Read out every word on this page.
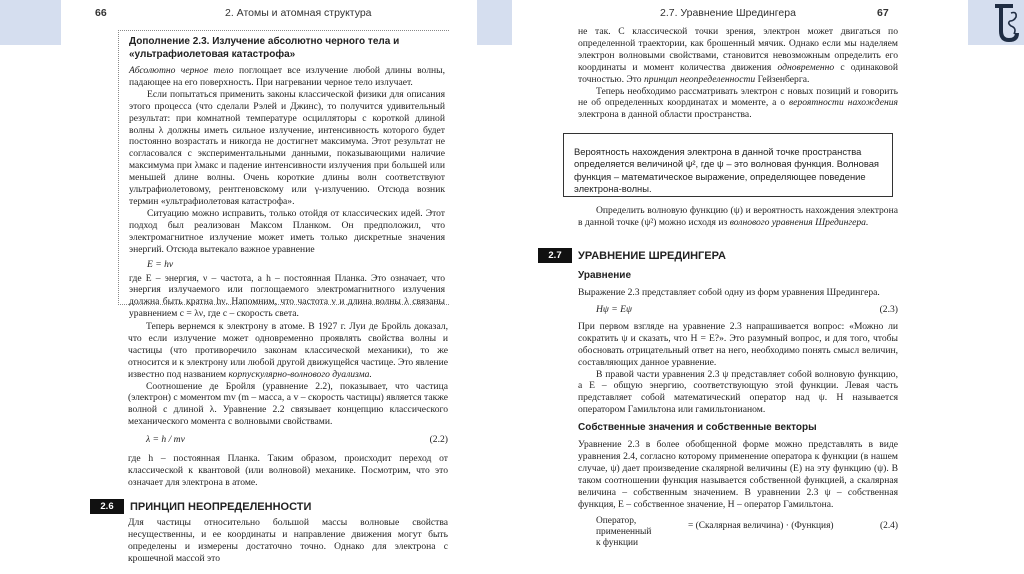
66	2. Атомы и атомная структура
Дополнение 2.3. Излучение абсолютно черного тела и
«ультрафиолетовая катастрофа»

Абсолютно черное тело поглощает все излучение любой длины волны, падающее на его поверхность. При нагревании черное тело излучает.

Если попытаться применить законы классической физики для описания этого процесса (что сделали Рэлей и Джинс), то получится удивительный результат: при комнатной температуре осцилляторы с короткой длиной волны λ должны иметь сильное излучение, интенсивность которого будет постоянно возрастать и никогда не достигнет максимума. Этот результат не согласовался с экспериментальными данными, показывающими наличие максимума при λмакс и падение интенсивности излучения при большей или меньшей длине волны. Очень короткие длины волн соответствуют ультрафиолетовому, рентгеновскому или γ-излучению. Отсюда возник термин «ультрафиолетовая катастрофа».

Ситуацию можно исправить, только отойдя от классических идей. Этот подход был реализован Максом Планком. Он предположил, что электромагнитное излучение может иметь только дискретные значения энергий. Отсюда вытекало важное уравнение

E = hν

где E – энергия, ν – частота, а h – постоянная Планка. Это означает, что энергия излучаемого или поглощаемого электромагнитного излучения должна быть кратна hν. Напомним, что частота ν и длина волны λ связаны уравнением c = λν, где c – скорость света.

Теперь вернемся к электрону в атоме. В 1927 г. Луи де Бройль доказал, что если излучение может одновременно проявлять свойства волны и частицы (что противоречило законам классической механики), то же относится и к электрону или любой другой движущейся частице. Это явление известно под названием корпускулярно-волнового дуализма.

Соотношение де Бройля (уравнение 2.2), показывает, что частица (электрон) с моментом mv (m – масса, а v – скорость частицы) является также волной с длиной λ. Уравнение 2.2 связывает концепцию классического механического момента с волновыми свойствами.

λ = h / mv	(2.2)

где h – постоянная Планка. Таким образом, происходит переход от классической к квантовой (или волновой) механике. Посмотрим, что это означает для электрона в атоме.

2.6	ПРИНЦИП НЕОПРЕДЕЛЕННОСТИ

Для частицы относительно большой массы волновые свойства несущественны, и ее координаты и направление движения могут быть определены и измерены достаточно точно. Однако для электрона с крошечной массой это

2.7. Уравнение Шредингера	67

не так. С классической точки зрения, электрон может двигаться по определенной траектории, как брошенный мячик. Однако если мы наделяем электрон волновыми свойствами, становится невозможным определить его координаты и момент количества движения одновременно с одинаковой точностью. Это принцип неопределенности Гейзенберга.

Теперь необходимо рассматривать электрон с новых позиций и говорить не об определенных координатах и моменте, а о вероятности нахождения электрона в данной области пространства.

Вероятность нахождения электрона в данной точке пространства определяется величиной ψ², где ψ – это волновая функция. Волновая функция – математическое выражение, определяющее поведение электрона-волны.

Определить волновую функцию (ψ) и вероятность нахождения электрона в данной точке (ψ²) можно исходя из волнового уравнения Шредингера.

2.7	УРАВНЕНИЕ ШРЕДИНГЕРА
Уравнение

Выражение 2.3 представляет собой одну из форм уравнения Шредингера.

Hψ = Eψ	(2.3)

При первом взгляде на уравнение 2.3 напрашивается вопрос: «Можно ли сократить ψ и сказать, что H = E?». Это разумный вопрос, и для того, чтобы обосновать отрицательный ответ на него, необходимо понять смысл величин, составляющих данное уравнение.

В правой части уравнения 2.3 ψ представляет собой волновую функцию, а E – общую энергию, соответствующую этой функции. Левая часть представляет собой математический оператор над ψ. H называется оператором Гамильтона или гамильтонианом.

Собственные значения и собственные векторы

Уравнение 2.3 в более обобщенной форме можно представлять в виде уравнения 2.4, согласно которому применение оператора к функции (в нашем случае, ψ) дает произведение скалярной величины (E) на эту функцию (ψ). В таком соотношении функция называется собственной функцией, а скалярная величина – собственным значением. В уравнении 2.3 ψ – собственная функция, E – собственное значение, H – оператор Гамильтона.

Оператор, примененный
к функции
= (Скалярная величина) · (Функция)	(2.4)
